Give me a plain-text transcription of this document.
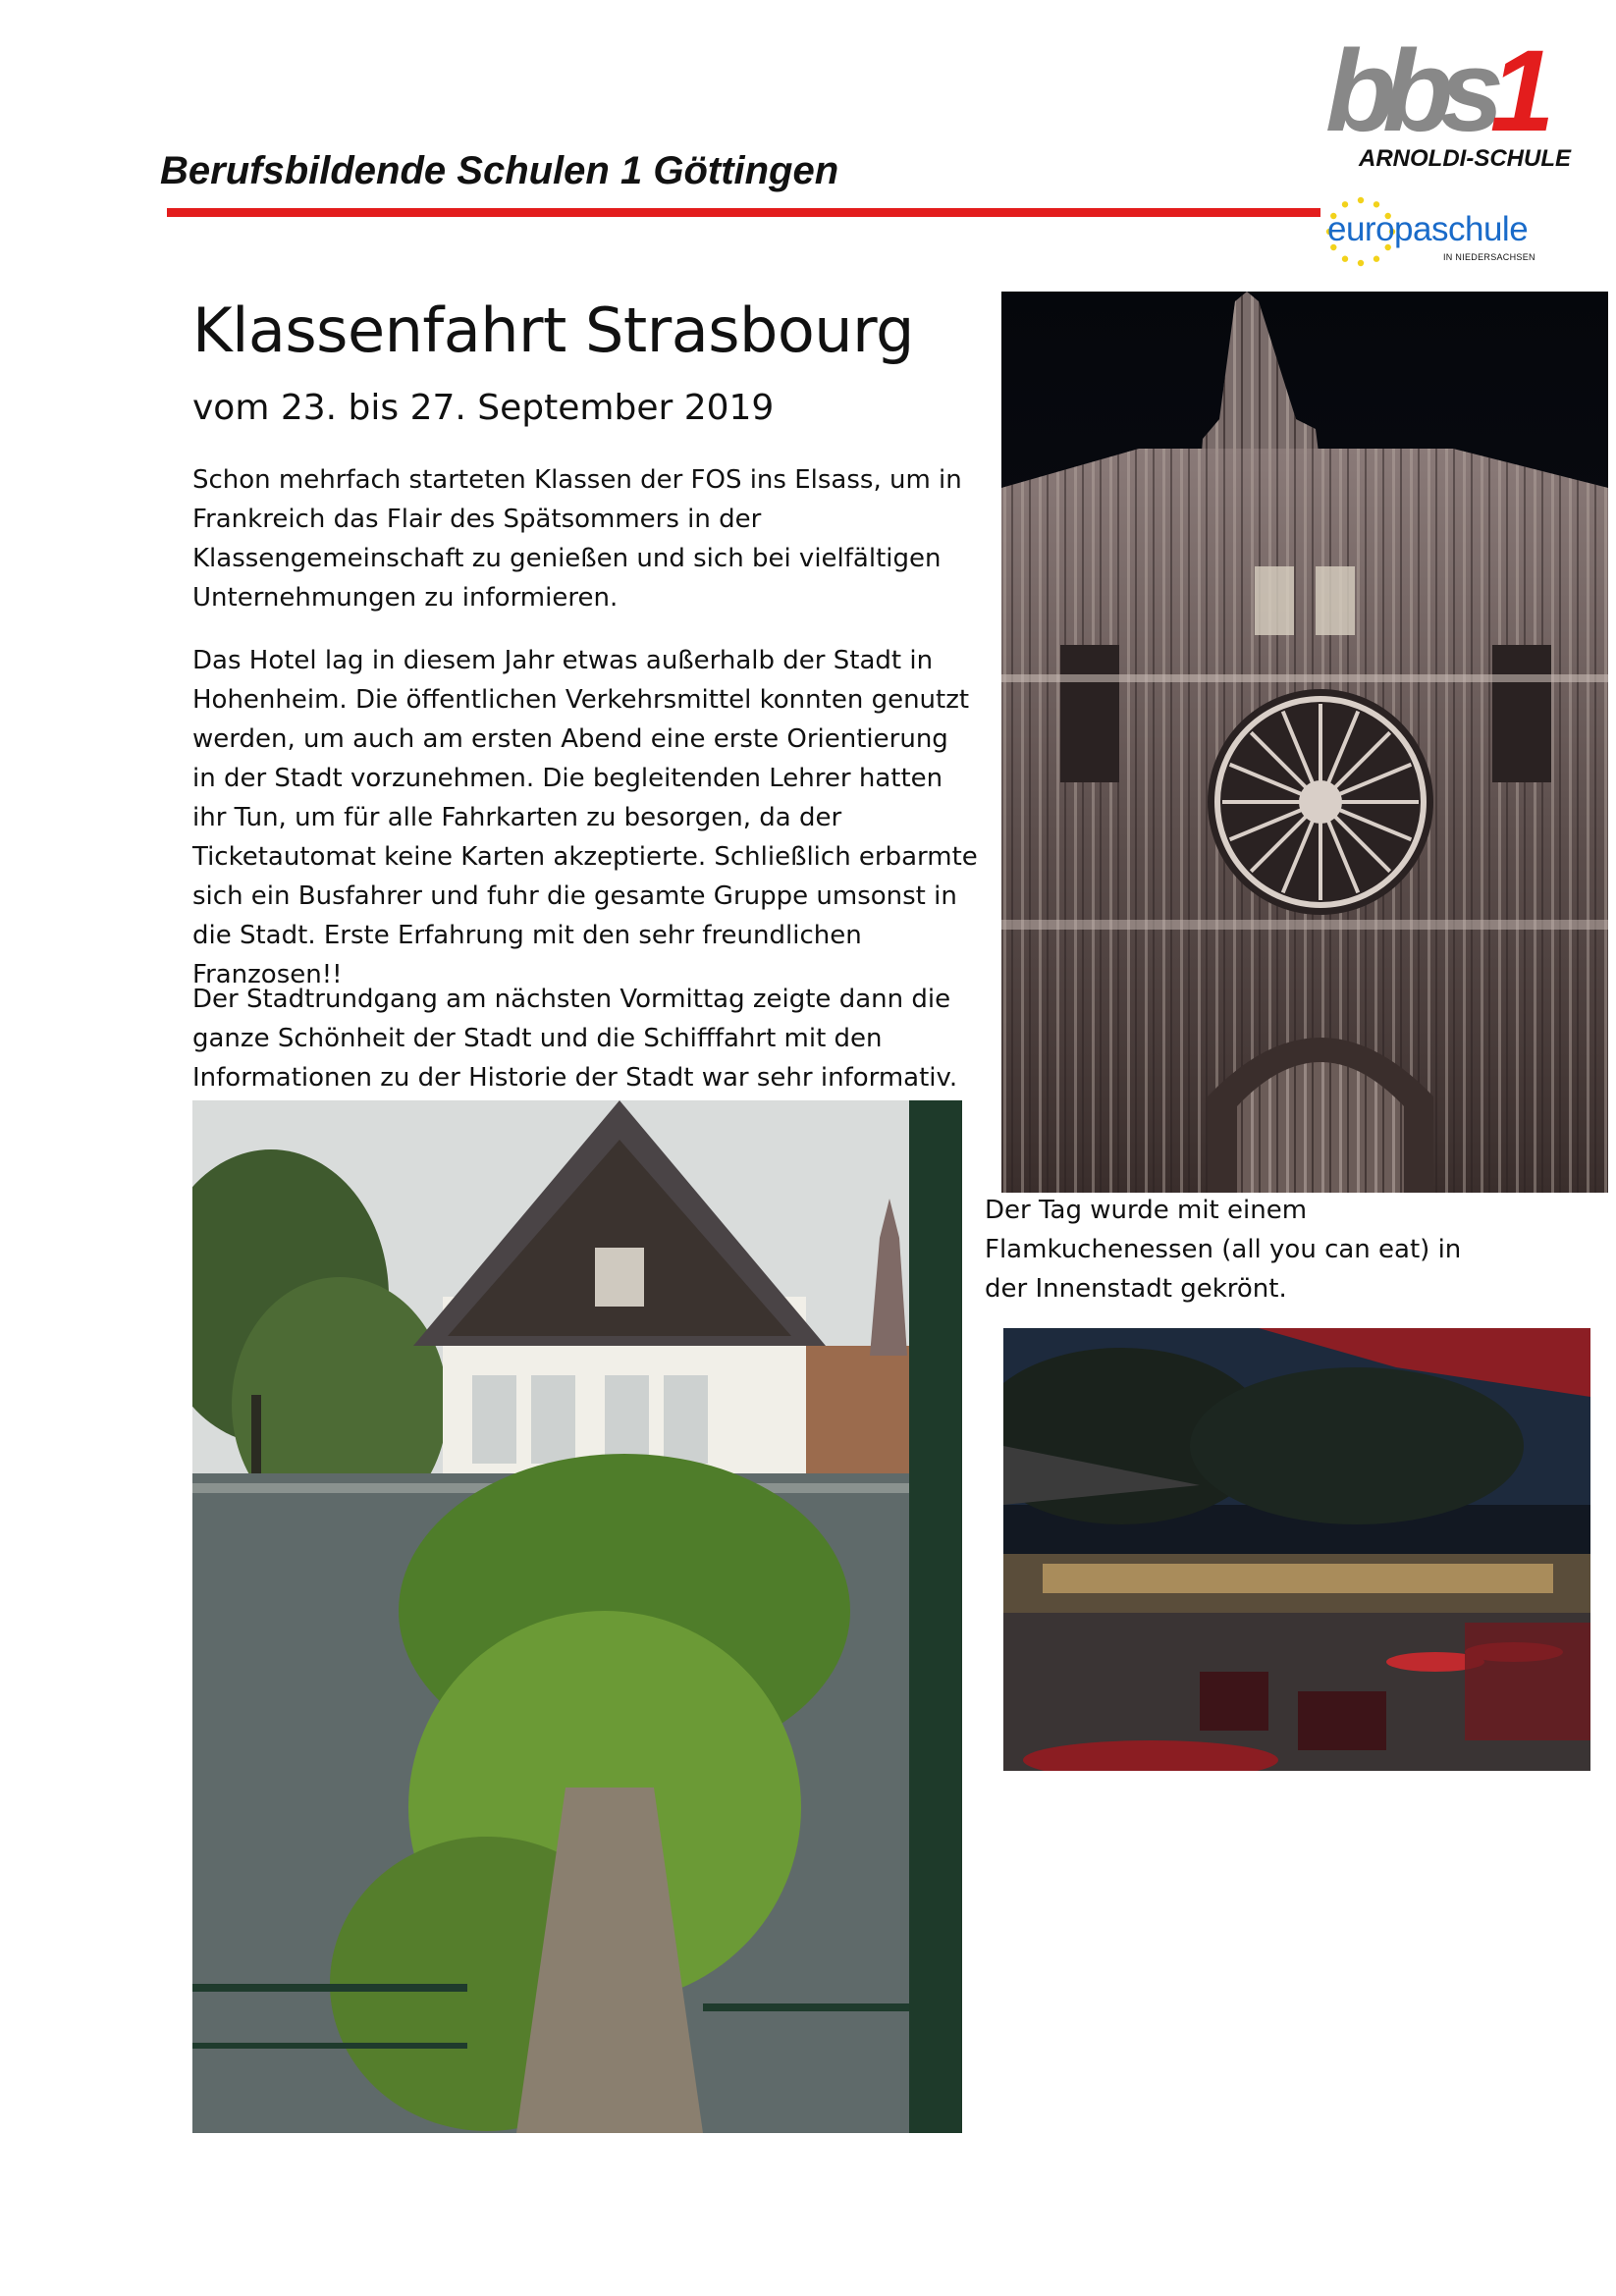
Berufsbildende Schulen 1 Göttingen
bbs1
ARNOLDI-SCHULE
europaschule
IN NIEDERSACHSEN
Klassenfahrt Strasbourg
vom 23. bis 27. September 2019

Schon mehrfach starteten Klassen der FOS ins Elsass, um in Frankreich das Flair des Spätsommers in der Klassengemeinschaft zu genießen und sich bei vielfältigen Unternehmungen zu informieren.

Das Hotel lag in diesem Jahr etwas außerhalb der Stadt in Hohenheim. Die öffentlichen Verkehrsmittel konnten genutzt werden, um auch am ersten Abend eine erste Orientierung in der Stadt vorzunehmen. Die begleitenden Lehrer hatten ihr Tun, um für alle Fahrkarten zu besorgen, da der Ticketautomat keine Karten akzeptierte. Schließlich erbarmte sich ein Busfahrer und fuhr die gesamte Gruppe umsonst in die Stadt. Erste Erfahrung mit den sehr freundlichen Franzosen!!

Der Stadtrundgang am nächsten Vormittag zeigte dann die ganze Schönheit der Stadt und die Schifffahrt mit den Informationen zu der Historie der Stadt war sehr informativ.

Der Tag wurde mit einem Flamkuchenessen (all you can eat) in der Innenstadt gekrönt.
